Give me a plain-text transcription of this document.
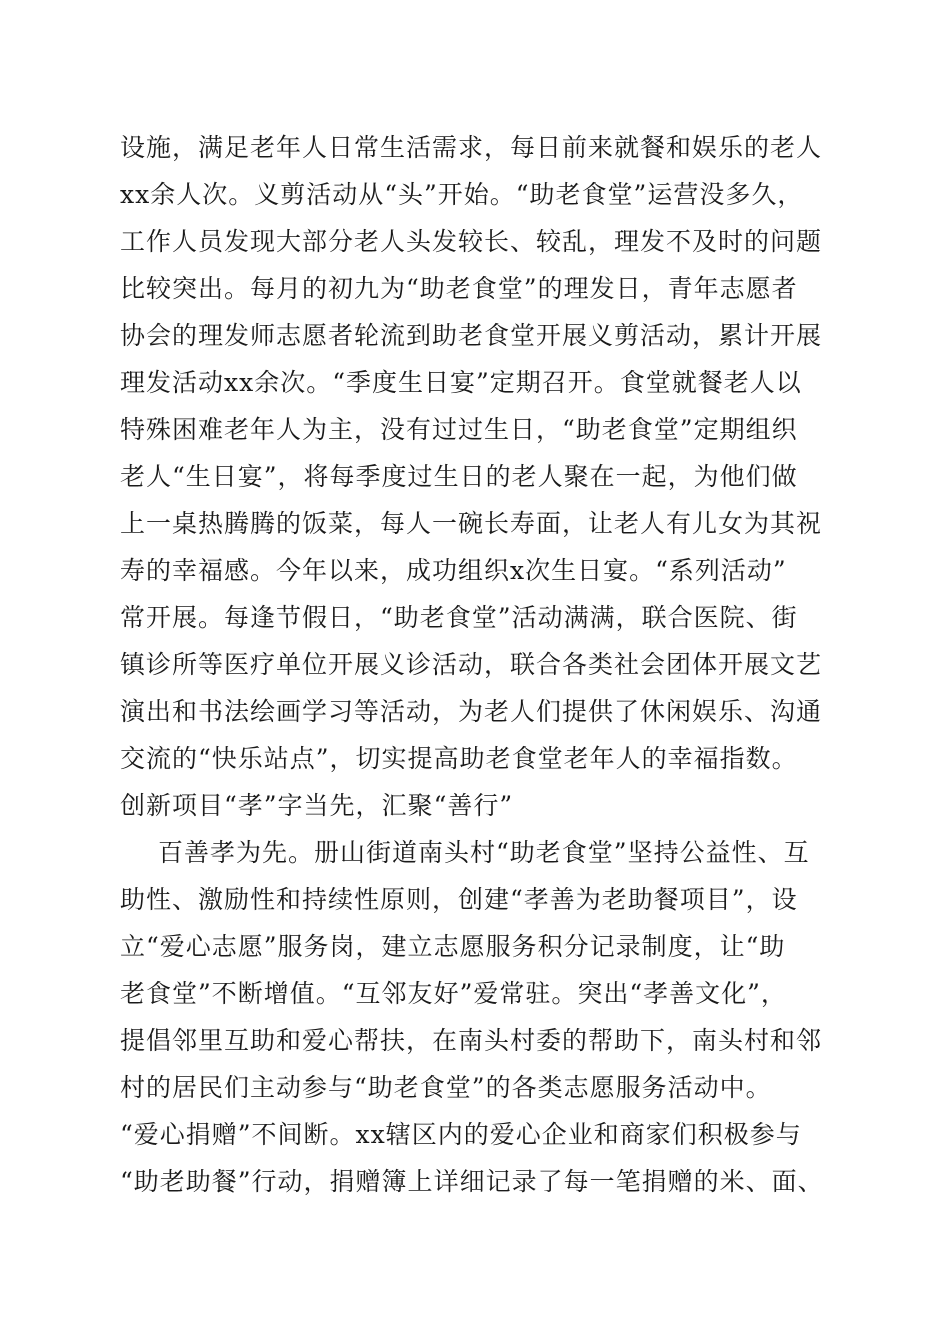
设施，满足老年人日常生活需求，每日前来就餐和娱乐的老人
xx余人次。义剪活动从“头”开始。“助老食堂”运营没多久，
工作人员发现大部分老人头发较长、较乱，理发不及时的问题
比较突出。每月的初九为“助老食堂”的理发日，青年志愿者
协会的理发师志愿者轮流到助老食堂开展义剪活动，累计开展
理发活动xx余次。“季度生日宴”定期召开。食堂就餐老人以
特殊困难老年人为主，没有过过生日，“助老食堂”定期组织
老人“生日宴”，将每季度过生日的老人聚在一起，为他们做
上一桌热腾腾的饭菜，每人一碗长寿面，让老人有儿女为其祝
寿的幸福感。今年以来，成功组织x次生日宴。“系列活动”
常开展。每逢节假日，“助老食堂”活动满满，联合医院、街
镇诊所等医疗单位开展义诊活动，联合各类社会团体开展文艺
演出和书法绘画学习等活动，为老人们提供了休闲娱乐、沟通
交流的“快乐站点”，切实提高助老食堂老年人的幸福指数。
创新项目“孝”字当先，汇聚“善行”
百善孝为先。册山街道南头村“助老食堂”坚持公益性、互
助性、激励性和持续性原则，创建“孝善为老助餐项目”，设
立“爱心志愿”服务岗，建立志愿服务积分记录制度，让“助
老食堂”不断增值。“互邻友好”爱常驻。突出“孝善文化”，
提倡邻里互助和爱心帮扶，在南头村委的帮助下，南头村和邻
村的居民们主动参与“助老食堂”的各类志愿服务活动中。
“爱心捐赠”不间断。xx辖区内的爱心企业和商家们积极参与
“助老助餐”行动，捐赠簿上详细记录了每一笔捐赠的米、面、
